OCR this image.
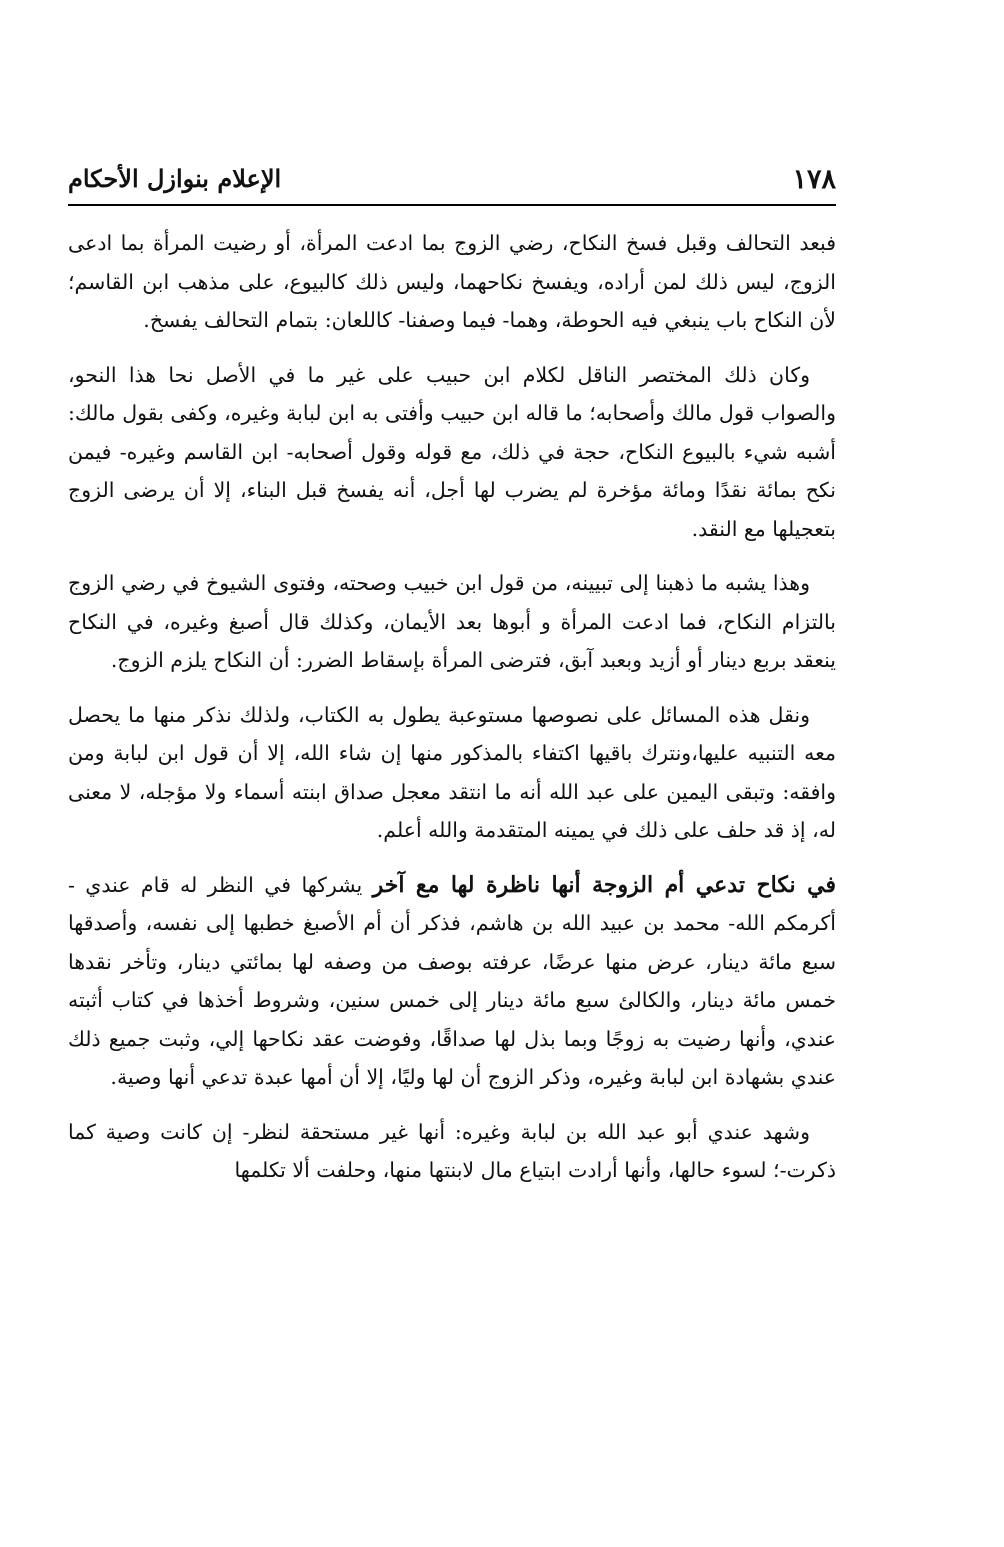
١٧٨
الإعلام بنوازل الأحكام

فبعد التحالف وقبل فسخ النكاح، رضي الزوج بما ادعت المرأة، أو رضيت المرأة بما ادعى الزوج، ليس ذلك لمن أراده، ويفسخ نكاحهما، وليس ذلك كالبيوع، على مذهب ابن القاسم؛ لأن النكاح باب ينبغي فيه الحوطة، وهما- فيما وصفنا- كاللعان: بتمام التحالف يفسخ.

وكان ذلك المختصر الناقل لكلام ابن حبيب على غير ما في الأصل نحا هذا النحو، والصواب قول مالك وأصحابه؛ ما قاله ابن حبيب وأفتى به ابن لبابة وغيره، وكفى بقول مالك: أشبه شيء بالبيوع النكاح، حجة في ذلك، مع قوله وقول أصحابه- ابن القاسم وغيره- فيمن نكح بمائة نقدًا ومائة مؤخرة لم يضرب لها أجل، أنه يفسخ قبل البناء، إلا أن يرضى الزوج بتعجيلها مع النقد.

وهذا يشبه ما ذهبنا إلى تبيينه، من قول ابن خبيب وصحته، وفتوى الشيوخ في رضي الزوج بالتزام النكاح، فما ادعت المرأة و أبوها بعد الأيمان، وكذلك قال أصبغ وغيره، في النكاح ينعقد بربع دينار أو أزيد وبعبد آبق، فترضى المرأة بإسقاط الضرر: أن النكاح يلزم الزوج.

ونقل هذه المسائل على نصوصها مستوعبة يطول به الكتاب، ولذلك نذكر منها ما يحصل معه التنبيه عليها،ونترك باقيها اكتفاء بالمذكور منها إن شاء الله، إلا أن قول ابن لبابة ومن وافقه: وتبقى اليمين على عبد الله أنه ما انتقد معجل صداق ابنته أسماء ولا مؤجله، لا معنى له، إذ قد حلف على ذلك في يمينه المتقدمة والله أعلم.

في نكاح تدعي أم الزوجة أنها ناظرة لها مع آخر يشركها في النظر له قام عندي - أكرمكم الله- محمد بن عبيد الله بن هاشم، فذكر أن أم الأصبغ خطبها إلى نفسه، وأصدقها سبع مائة دينار، عرض منها عرضًا، عرفته بوصف من وصفه لها بمائتي دينار، وتأخر نقدها خمس مائة دينار، والكالئ سبع مائة دينار إلى خمس سنين، وشروط أخذها في كتاب أثبته عندي، وأنها رضيت به زوجًا وبما بذل لها صداقًا، وفوضت عقد نكاحها إلي، وثبت جميع ذلك عندي بشهادة ابن لبابة وغيره، وذكر الزوج أن لها وليًا، إلا أن أمها عبدة تدعي أنها وصية.

وشهد عندي أبو عبد الله بن لبابة وغيره: أنها غير مستحقة لنظر- إن كانت وصية كما ذكرت-؛ لسوء حالها، وأنها أرادت ابتياع مال لابنتها منها، وحلفت ألا تكلمها
